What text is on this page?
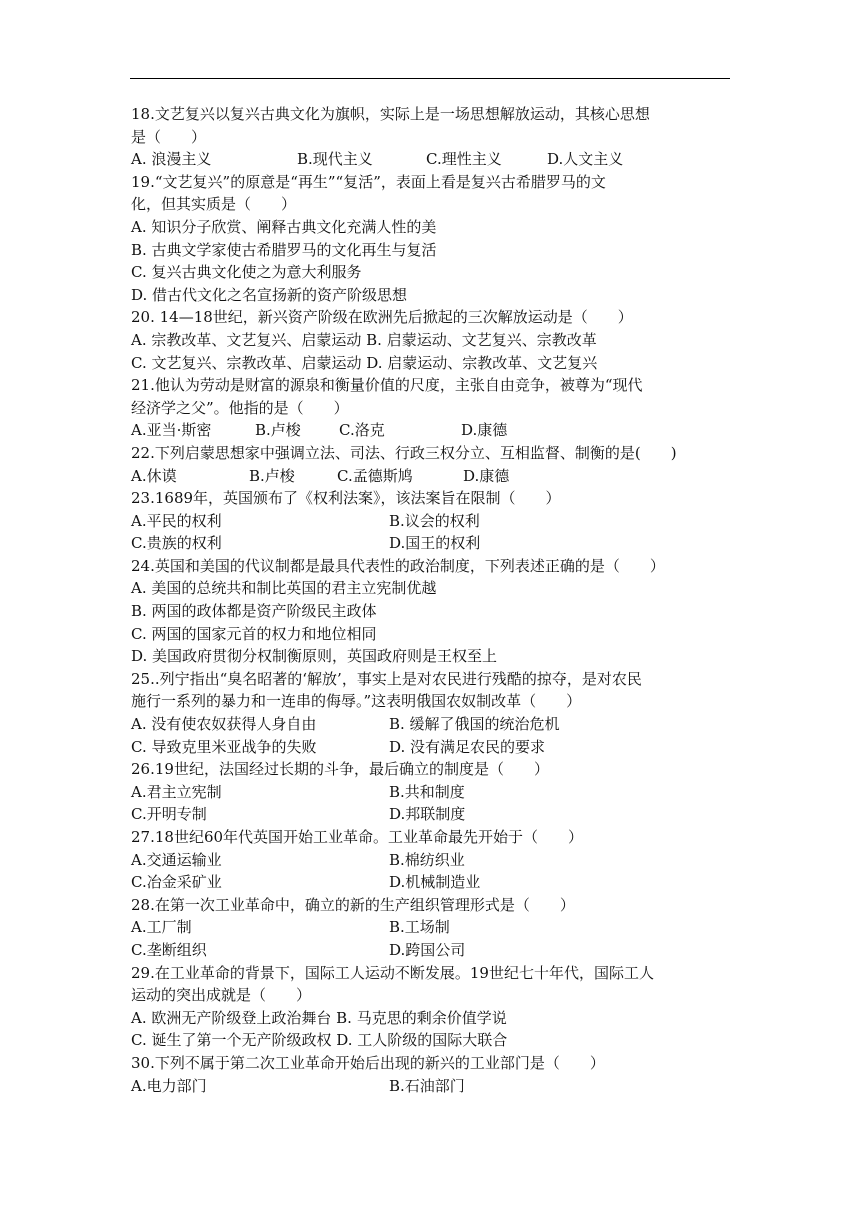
18.文艺复兴以复兴古典文化为旗帜，实际上是一场思想解放运动，其核心思想
是（　　）
A. 浪漫主义	B.现代主义	C.理性主义	D.人文主义
19.“文艺复兴”的原意是“再生”“复活”，表面上看是复兴古希腊罗马的文
化，但其实质是（　　）
A. 知识分子欣赏、阐释古典文化充满人性的美
B. 古典文学家使古希腊罗马的文化再生与复活
C. 复兴古典文化使之为意大利服务
D. 借古代文化之名宣扬新的资产阶级思想
20. 14—18世纪，新兴资产阶级在欧洲先后掀起的三次解放运动是（　　）
A. 宗教改革、文艺复兴、启蒙运动 B. 启蒙运动、文艺复兴、宗教改革
C. 文艺复兴、宗教改革、启蒙运动 D. 启蒙运动、宗教改革、文艺复兴
21.他认为劳动是财富的源泉和衡量价值的尺度，主张自由竞争，被尊为“现代
经济学之父”。他指的是（　　）
A.亚当·斯密	B.卢梭	C.洛克	D.康德
22.下列启蒙思想家中强调立法、司法、行政三权分立、互相监督、制衡的是(　　)
A.休谟	B.卢梭	C.孟德斯鸠	D.康德
23.1689年，英国颁布了《权利法案》，该法案旨在限制（　　）
A.平民的权利	B.议会的权利
C.贵族的权利	D.国王的权利
24.英国和美国的代议制都是最具代表性的政治制度，下列表述正确的是（　　）
A. 美国的总统共和制比英国的君主立宪制优越
B. 两国的政体都是资产阶级民主政体
C. 两国的国家元首的权力和地位相同
D. 美国政府贯彻分权制衡原则，英国政府则是王权至上
25..列宁指出“臭名昭著的‘解放’，事实上是对农民进行残酷的掠夺，是对农民
施行一系列的暴力和一连串的侮辱。”这表明俄国农奴制改革（　　）
A. 没有使农奴获得人身自由	B. 缓解了俄国的统治危机
C. 导致克里米亚战争的失败	D. 没有满足农民的要求
26.19世纪，法国经过长期的斗争，最后确立的制度是（　　）
A.君主立宪制	B.共和制度
C.开明专制	D.邦联制度
27.18世纪60年代英国开始工业革命。工业革命最先开始于（　　）
A.交通运输业	B.棉纺织业
C.冶金采矿业	D.机械制造业
28.在第一次工业革命中，确立的新的生产组织管理形式是（　　）
A.工厂制	B.工场制
C.垄断组织	D.跨国公司
29.在工业革命的背景下，国际工人运动不断发展。19世纪七十年代，国际工人
运动的突出成就是（　　）
A. 欧洲无产阶级登上政治舞台 B. 马克思的剩余价值学说
C. 诞生了第一个无产阶级政权 D. 工人阶级的国际大联合
30.下列不属于第二次工业革命开始后出现的新兴的工业部门是（　　）
A.电力部门	B.石油部门
